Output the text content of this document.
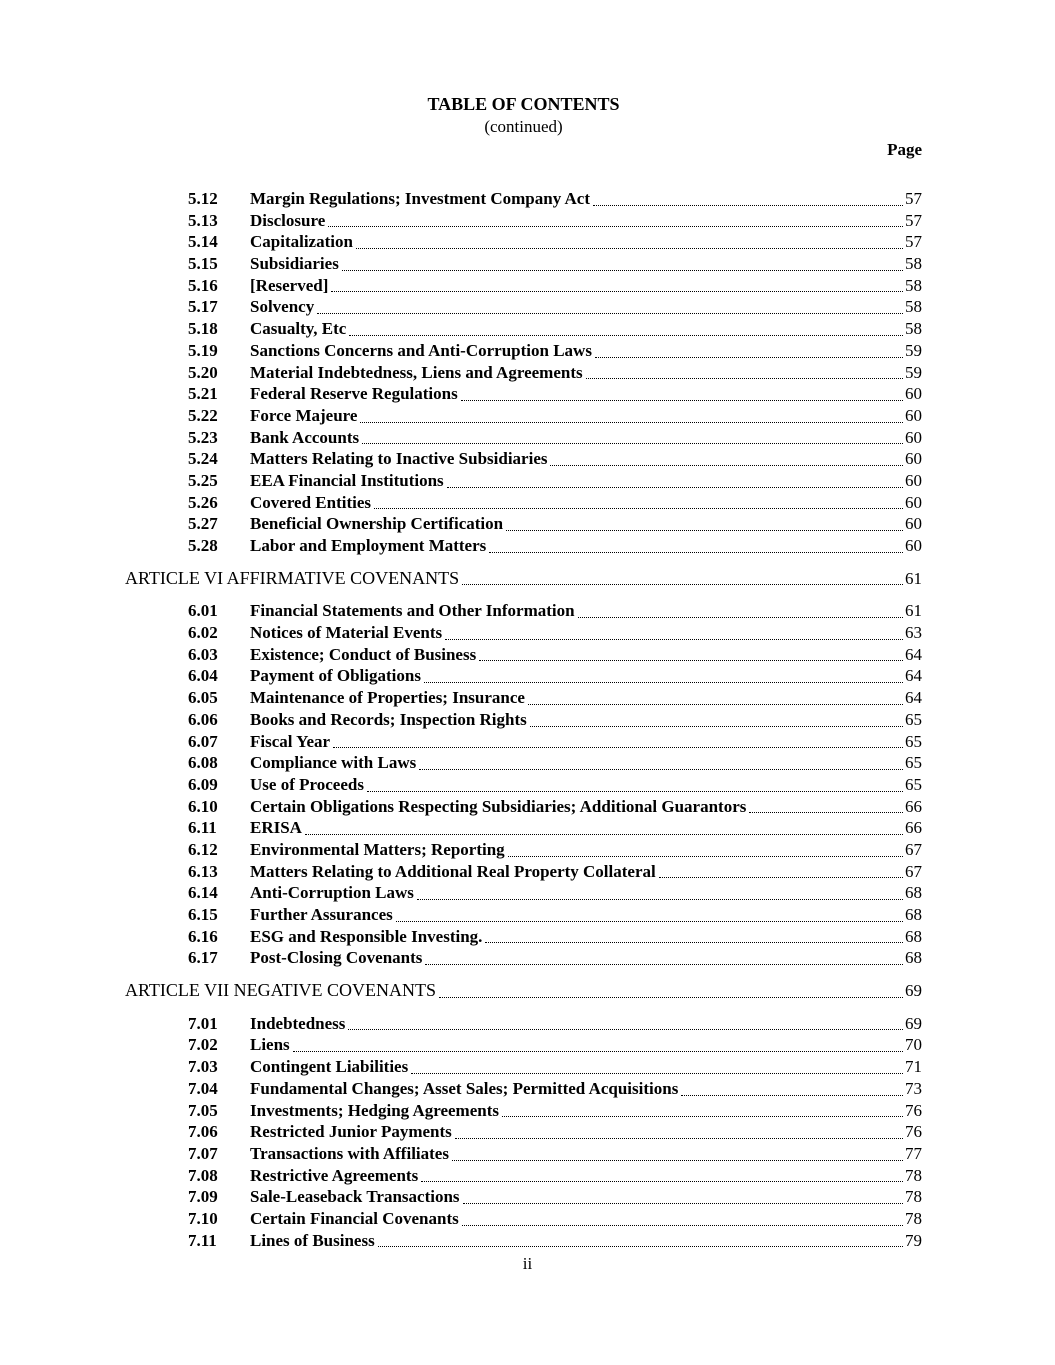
TABLE OF CONTENTS
(continued)
Page
5.12	Margin Regulations; Investment Company Act	57
5.13	Disclosure	57
5.14	Capitalization	57
5.15	Subsidiaries	58
5.16	[Reserved]	58
5.17	Solvency	58
5.18	Casualty, Etc	58
5.19	Sanctions Concerns and Anti-Corruption Laws	59
5.20	Material Indebtedness, Liens and Agreements	59
5.21	Federal Reserve Regulations	60
5.22	Force Majeure	60
5.23	Bank Accounts	60
5.24	Matters Relating to Inactive Subsidiaries	60
5.25	EEA Financial Institutions	60
5.26	Covered Entities	60
5.27	Beneficial Ownership Certification	60
5.28	Labor and Employment Matters	60
ARTICLE VI AFFIRMATIVE COVENANTS	61
6.01	Financial Statements and Other Information	61
6.02	Notices of Material Events	63
6.03	Existence; Conduct of Business	64
6.04	Payment of Obligations	64
6.05	Maintenance of Properties; Insurance	64
6.06	Books and Records; Inspection Rights	65
6.07	Fiscal Year	65
6.08	Compliance with Laws	65
6.09	Use of Proceeds	65
6.10	Certain Obligations Respecting Subsidiaries; Additional Guarantors	66
6.11	ERISA	66
6.12	Environmental Matters; Reporting	67
6.13	Matters Relating to Additional Real Property Collateral	67
6.14	Anti-Corruption Laws	68
6.15	Further Assurances	68
6.16	ESG and Responsible Investing.	68
6.17	Post-Closing Covenants	68
ARTICLE VII NEGATIVE COVENANTS	69
7.01	Indebtedness	69
7.02	Liens	70
7.03	Contingent Liabilities	71
7.04	Fundamental Changes; Asset Sales; Permitted Acquisitions	73
7.05	Investments; Hedging Agreements	76
7.06	Restricted Junior Payments	76
7.07	Transactions with Affiliates	77
7.08	Restrictive Agreements	78
7.09	Sale-Leaseback Transactions	78
7.10	Certain Financial Covenants	78
7.11	Lines of Business	79
ii
